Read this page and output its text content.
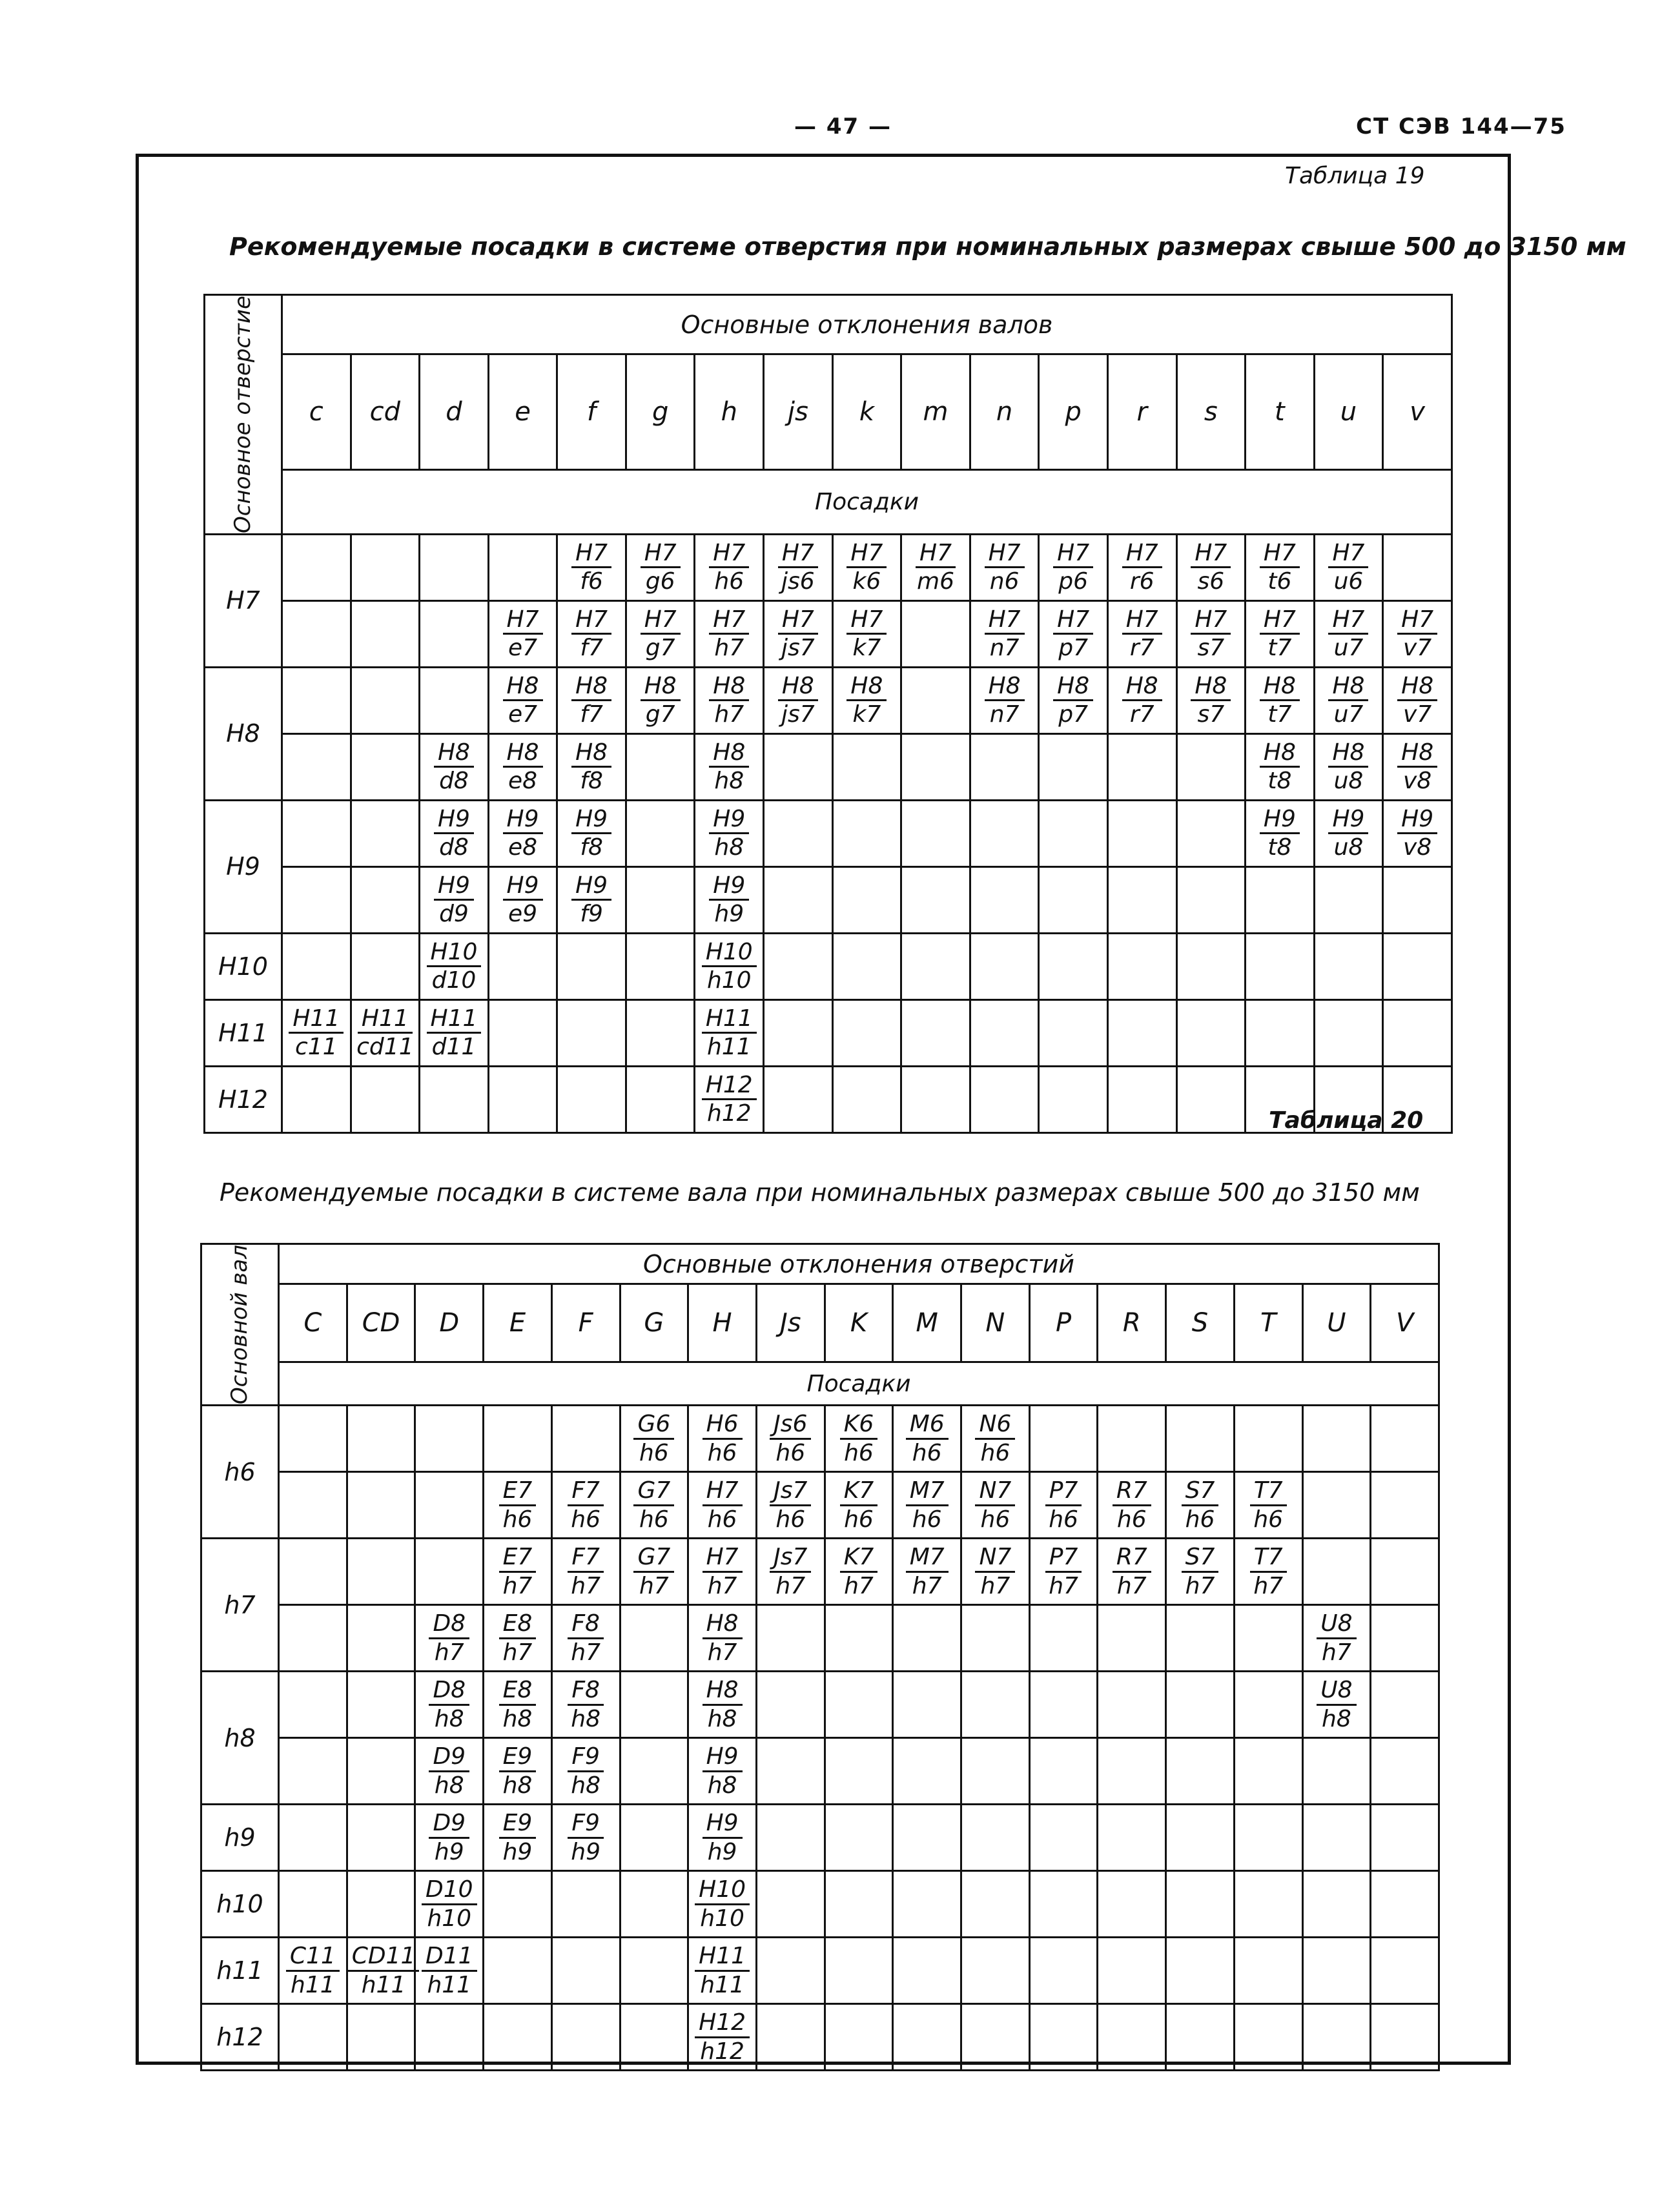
— 47 —	СТ СЭВ 144—75
Таблица 19
Рекомендуемые посадки в системе отверстия при номинальных размерах свыше 500 до 3150 мм
Основное отверстие	Основные отклонения валов																
	c	cd	d	e	f	g	h	js	k	m	n	p	r	s	t	u	v
	Посадки																
H7					$\frac{H7}{f6}$	$\frac{H7}{g6}$	$\frac{H7}{h6}$	$\frac{H7}{js6}$	$\frac{H7}{k6}$	$\frac{H7}{m6}$	$\frac{H7}{n6}$	$\frac{H7}{p6}$	$\frac{H7}{r6}$	$\frac{H7}{s6}$	$\frac{H7}{t6}$	$\frac{H7}{u6}$

				$\frac{H7}{e7}$	$\frac{H7}{f7}$	$\frac{H7}{g7}$	$\frac{H7}{h7}$	$\frac{H7}{js7}$	$\frac{H7}{k7}$		$\frac{H7}{n7}$	$\frac{H7}{p7}$	$\frac{H7}{r7}$	$\frac{H7}{s7}$	$\frac{H7}{t7}$	$\frac{H7}{u7}$	$\frac{H7}{v7}$

H8				$\frac{H8}{e7}$	$\frac{H8}{f7}$	$\frac{H8}{g7}$	$\frac{H8}{h7}$	$\frac{H8}{js7}$	$\frac{H8}{k7}$		$\frac{H8}{n7}$	$\frac{H8}{p7}$	$\frac{H8}{r7}$	$\frac{H8}{s7}$	$\frac{H8}{t7}$	$\frac{H8}{u7}$	$\frac{H8}{v7}$

			$\frac{H8}{d8}$	$\frac{H8}{e8}$	$\frac{H8}{f8}$		$\frac{H8}{h8}$								$\frac{H8}{t8}$	$\frac{H8}{u8}$	$\frac{H8}{v8}$

H9			$\frac{H9}{d8}$	$\frac{H9}{e8}$	$\frac{H9}{f8}$		$\frac{H9}{h8}$								$\frac{H9}{t8}$	$\frac{H9}{u8}$	$\frac{H9}{v8}$

			$\frac{H9}{d9}$	$\frac{H9}{e9}$	$\frac{H9}{f9}$		$\frac{H9}{h9}$

H10			$\frac{H10}{d10}$				$\frac{H10}{h10}$

H11	$\frac{H11}{c11}$	$\frac{H11}{cd11}$	$\frac{H11}{d11}$				$\frac{H11}{h11}$

H12							$\frac{H12}{h12}$
											Таблица 20
Рекомендуемые посадки в системе вала при номинальных размерах свыше 500 до 3150 мм
Основной вал	Основные отклонения отверстий																
	C	CD	D	E	F	G	H	Js	K	M	N	P	R	S	T	U	V
	Посадки																
h6						$\frac{G6}{h6}$	$\frac{H6}{h6}$	$\frac{Js6}{h6}$	$\frac{K6}{h6}$	$\frac{M6}{h6}$	$\frac{N6}{h6}$

				$\frac{E7}{h6}$	$\frac{F7}{h6}$	$\frac{G7}{h6}$	$\frac{H7}{h6}$	$\frac{Js7}{h6}$	$\frac{K7}{h6}$	$\frac{M7}{h6}$	$\frac{N7}{h6}$	$\frac{P7}{h6}$	$\frac{R7}{h6}$	$\frac{S7}{h6}$	$\frac{T7}{h6}$

h7				$\frac{E7}{h7}$	$\frac{F7}{h7}$	$\frac{G7}{h7}$	$\frac{H7}{h7}$	$\frac{Js7}{h7}$	$\frac{K7}{h7}$	$\frac{M7}{h7}$	$\frac{N7}{h7}$	$\frac{P7}{h7}$	$\frac{R7}{h7}$	$\frac{S7}{h7}$	$\frac{T7}{h7}$

			$\frac{D8}{h7}$	$\frac{E8}{h7}$	$\frac{F8}{h7}$		$\frac{H8}{h7}$									$\frac{U8}{h7}$

h8			$\frac{D8}{h8}$	$\frac{E8}{h8}$	$\frac{F8}{h8}$		$\frac{H8}{h8}$									$\frac{U8}{h8}$

			$\frac{D9}{h8}$	$\frac{E9}{h8}$	$\frac{F9}{h8}$		$\frac{H9}{h8}$

h9			$\frac{D9}{h9}$	$\frac{E9}{h9}$	$\frac{F9}{h9}$		$\frac{H9}{h9}$

h10			$\frac{D10}{h10}$				$\frac{H10}{h10}$

h11	$\frac{C11}{h11}$	$\frac{CD11}{h11}$	$\frac{D11}{h11}$				$\frac{H11}{h11}$

h12							$\frac{H12}{h12}$
